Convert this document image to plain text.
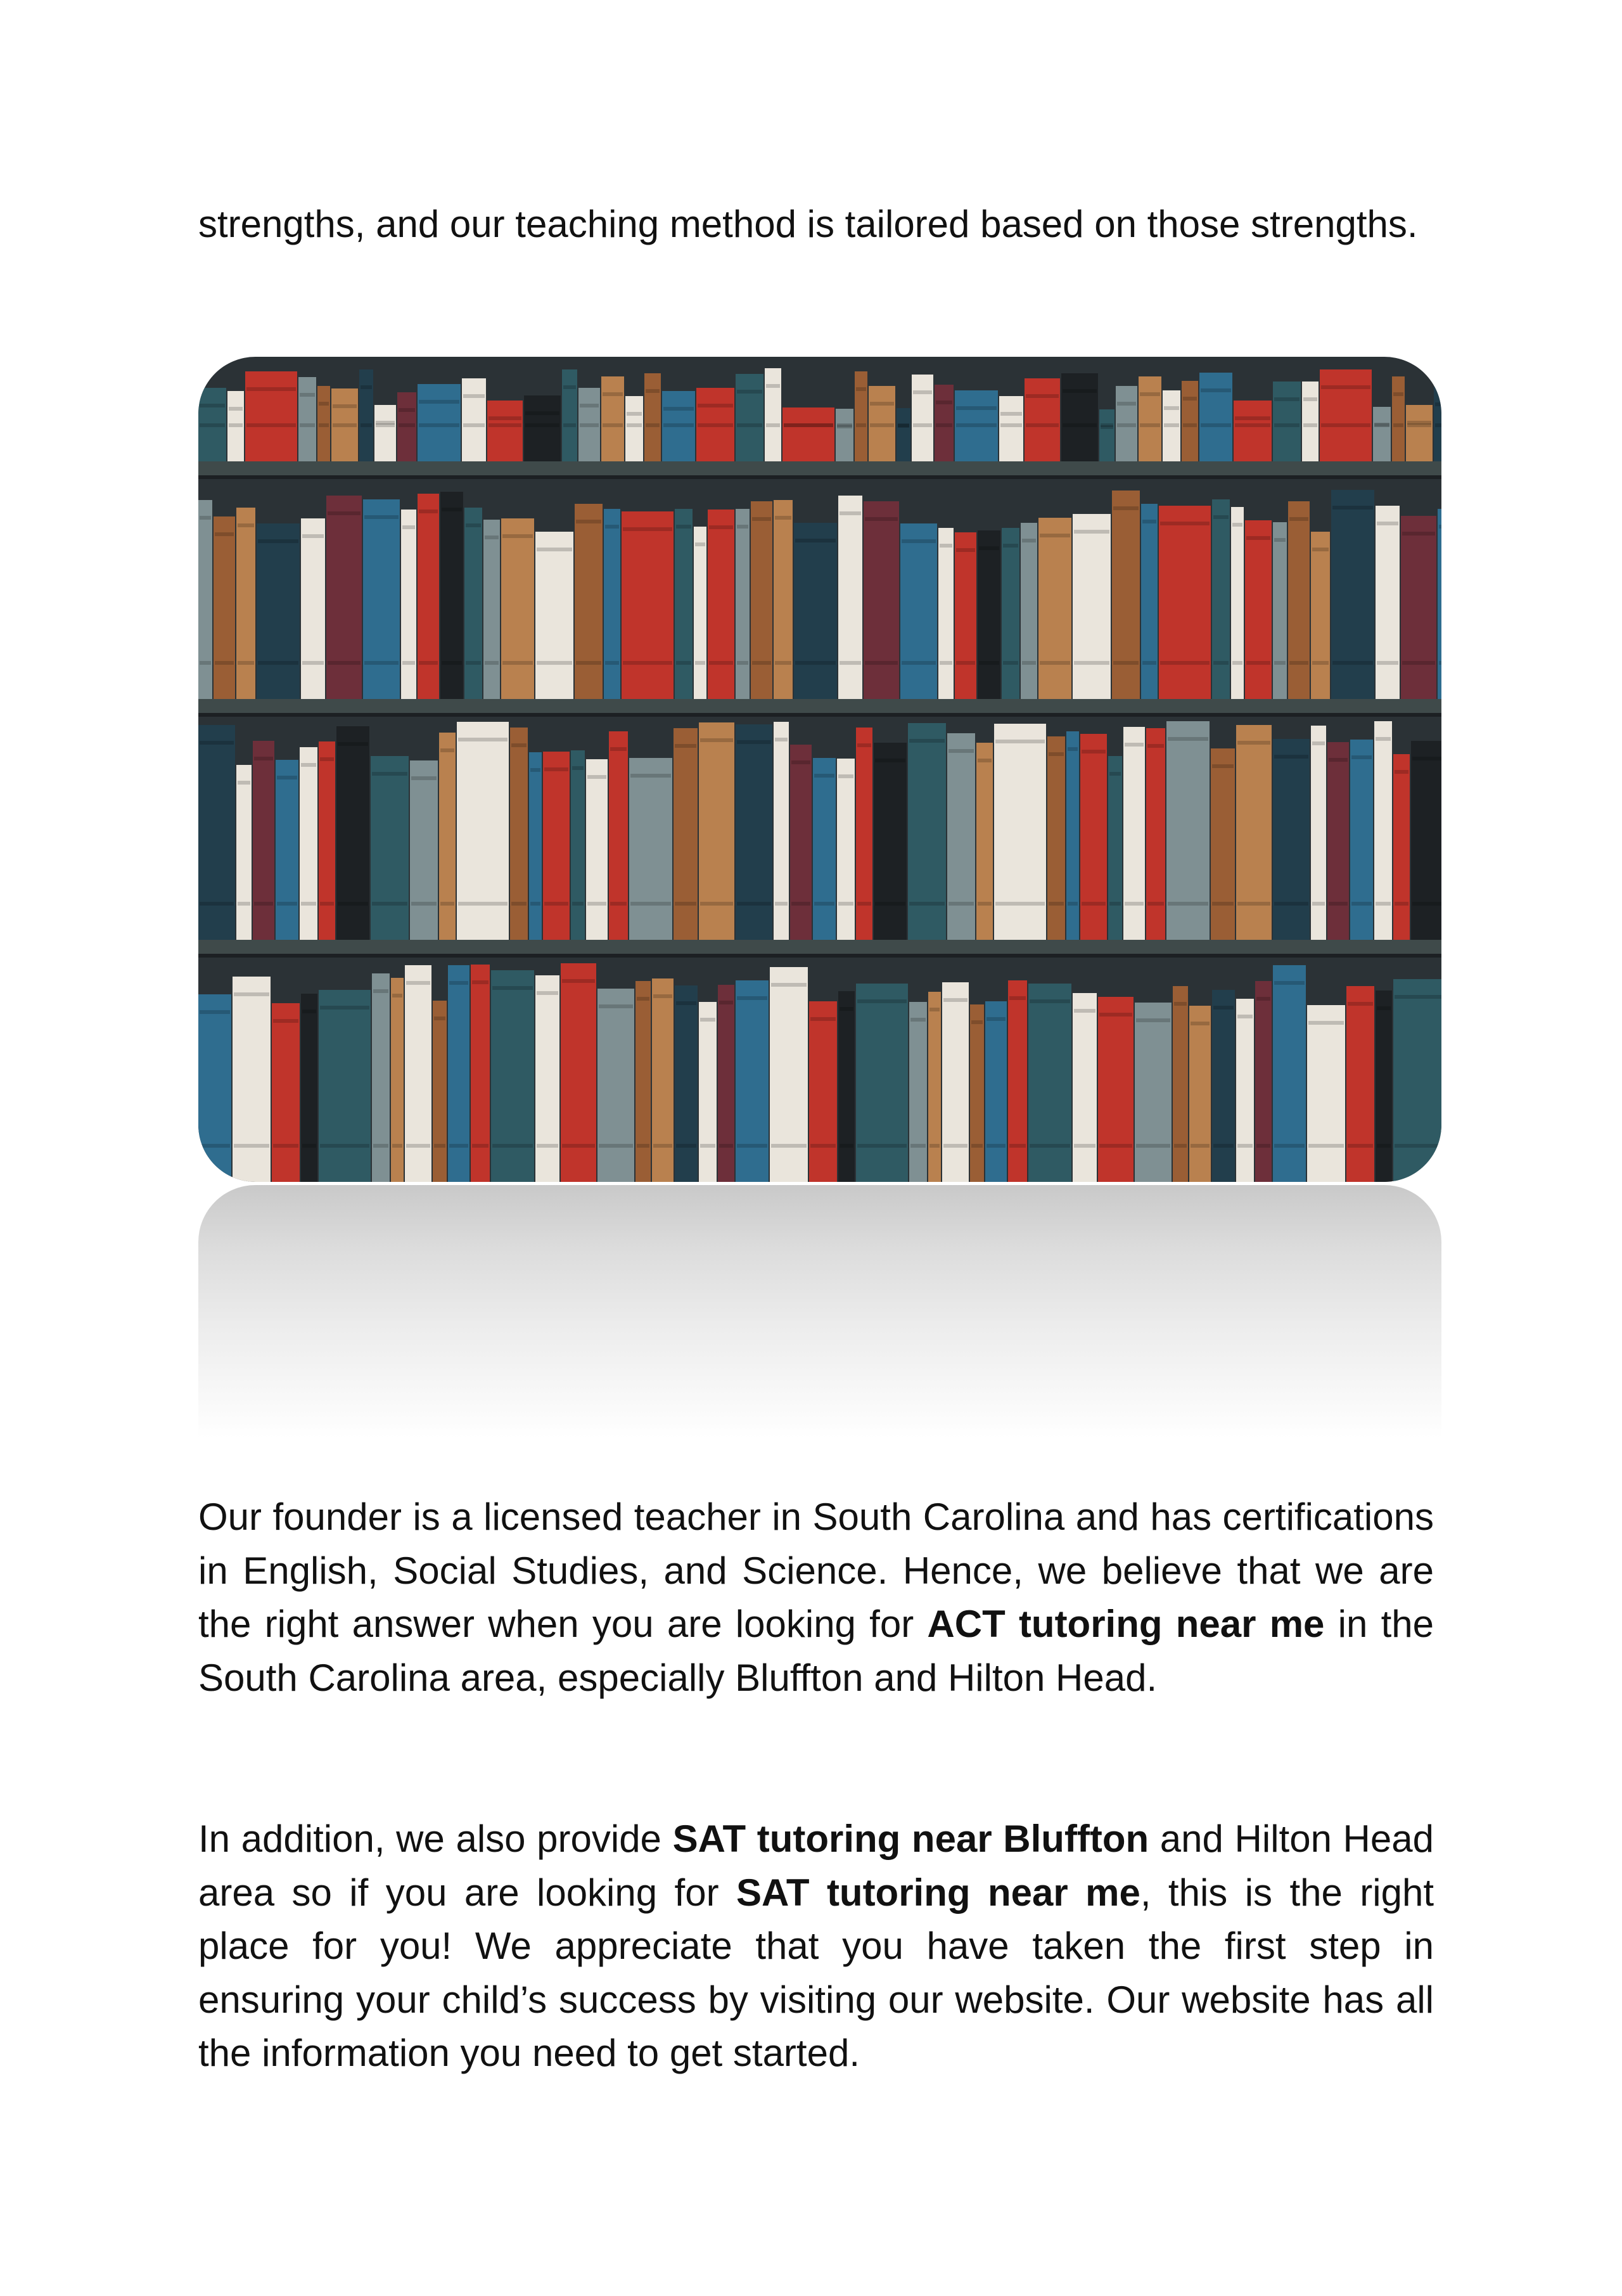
strengths, and our teaching method is tailored based on those strengths.

Our founder is a licensed teacher in South Carolina and has certifications in English, Social Studies, and Science. Hence, we believe that we are the right answer when you are looking for ACT tutoring near me in the South Carolina area, especially Bluffton and Hilton Head.

In addition, we also provide SAT tutoring near Bluffton and Hilton Head area so if you are looking for SAT tutoring near me, this is the right place for you! We appreciate that you have taken the first step in ensuring your child’s success by visiting our website. Our website has all the information you need to get started.
